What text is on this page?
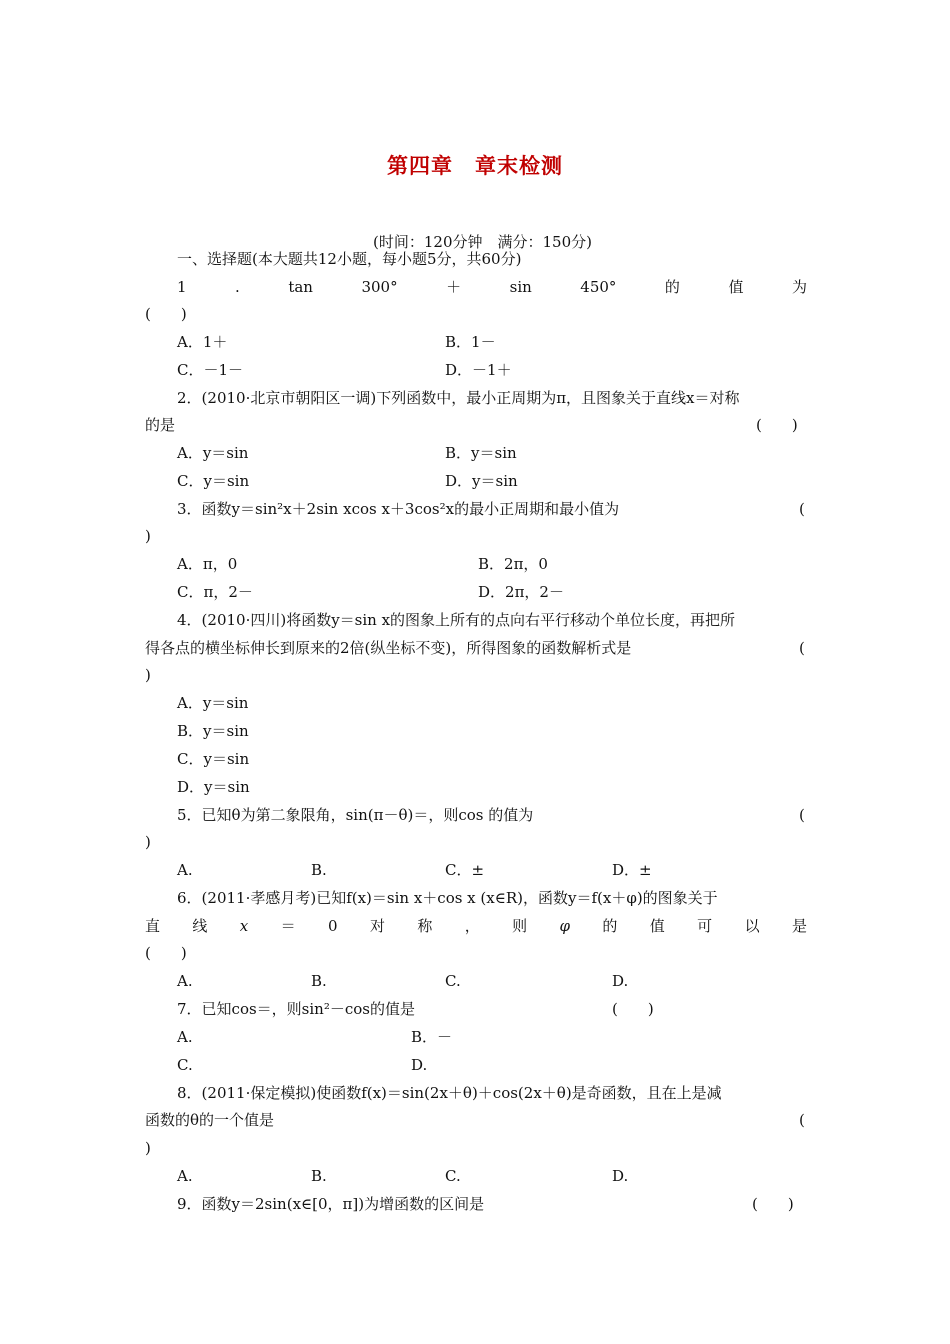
第四章　章末检测
(时间：120分钟　满分：150分)
一、选择题(本大题共12小题，每小题5分，共60分)
1	.	tan	300°	＋	sin	450°	的	值	为
(　　)
A．1＋	B．1－
C．－1－	D．－1＋
2．(2010·北京市朝阳区一调)下列函数中，最小正周期为π，且图象关于直线x＝对称
的是	(　　)
A．y＝sin	B．y＝sin
C．y＝sin	D．y＝sin
3．函数y＝sin²x＋2sin xcos x＋3cos²x的最小正周期和最小值为	(
)
A．π，0	B．2π，0
C．π，2－	D．2π，2－
4．(2010·四川)将函数y＝sin x的图象上所有的点向右平行移动个单位长度，再把所
得各点的横坐标伸长到原来的2倍(纵坐标不变)，所得图象的函数解析式是	(
)
A．y＝sin
B．y＝sin
C．y＝sin
D．y＝sin
5．已知θ为第二象限角，sin(π－θ)＝，则cos 的值为	(
)
A.	B.	C．±	D．±
6．(2011·孝感月考)已知f(x)＝sin x＋cos x (x∈R)，函数y＝f(x＋φ)的图象关于
直 线 x ＝ 0 对 称 ， 则 φ 的 值 可 以 是
(　　)
A.	B.	C.	D.
7．已知cos＝，则sin²－cos的值是	(　　)
A.	B．－
C.	D.
8．(2011·保定模拟)使函数f(x)＝sin(2x＋θ)＋cos(2x＋θ)是奇函数，且在上是减
函数的θ的一个值是	(
)
A.	B.	C.	D.
9．函数y＝2sin(x∈[0，π])为增函数的区间是	(　　)
